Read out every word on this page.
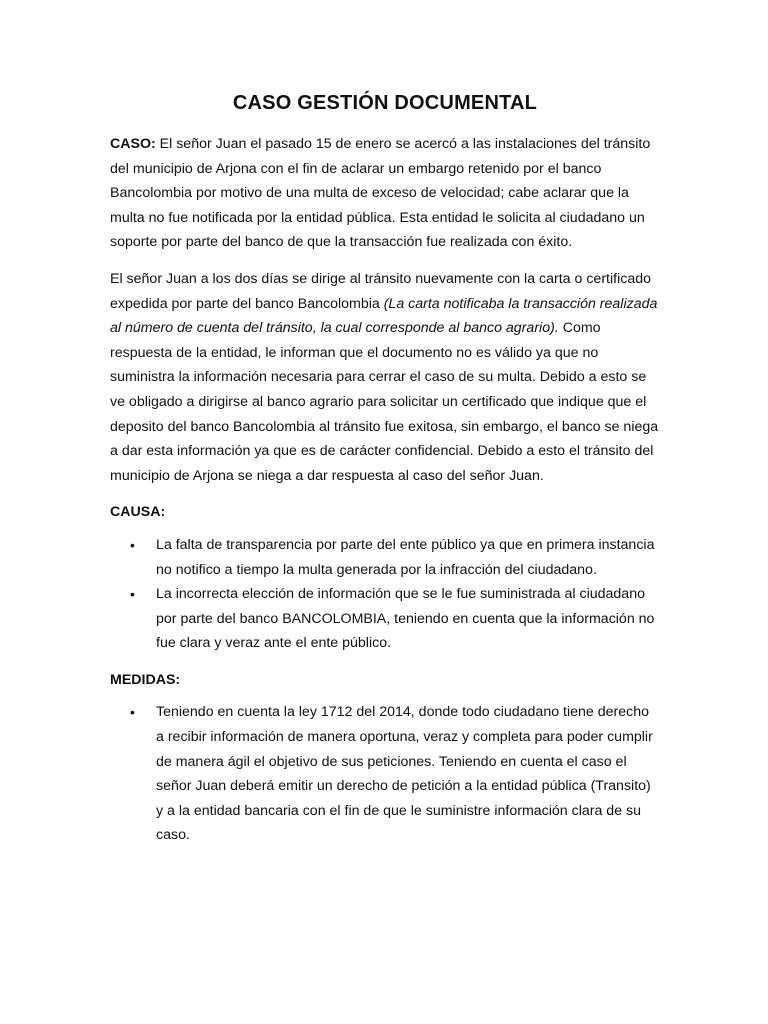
CASO GESTIÓN DOCUMENTAL

CASO: El señor Juan el pasado 15 de enero se acercó a las instalaciones del tránsito del municipio de Arjona con el fin de aclarar un embargo retenido por el banco Bancolombia por motivo de una multa de exceso de velocidad; cabe aclarar que la multa no fue notificada por la entidad pública. Esta entidad le solicita al ciudadano un soporte por parte del banco de que la transacción fue realizada con éxito.

El señor Juan a los dos días se dirige al tránsito nuevamente con la carta o certificado expedida por parte del banco Bancolombia (La carta notificaba la transacción realizada al número de cuenta del tránsito, la cual corresponde al banco agrario). Como respuesta de la entidad, le informan que el documento no es válido ya que no suministra la información necesaria para cerrar el caso de su multa. Debido a esto se ve obligado a dirigirse al banco agrario para solicitar un certificado que indique que el deposito del banco Bancolombia al tránsito fue exitosa, sin embargo, el banco se niega a dar esta información ya que es de carácter confidencial. Debido a esto el tránsito del municipio de Arjona se niega a dar respuesta al caso del señor Juan.

CAUSA:
• La falta de transparencia por parte del ente público ya que en primera instancia no notifico a tiempo la multa generada por la infracción del ciudadano.
• La incorrecta elección de información que se le fue suministrada al ciudadano por parte del banco BANCOLOMBIA, teniendo en cuenta que la información no fue clara y veraz ante el ente público.
MEDIDAS:
• Teniendo en cuenta la ley 1712 del 2014, donde todo ciudadano tiene derecho a recibir información de manera oportuna, veraz y completa para poder cumplir de manera ágil el objetivo de sus peticiones. Teniendo en cuenta el caso el señor Juan deberá emitir un derecho de petición a la entidad pública (Transito) y a la entidad bancaria con el fin de que le suministre información clara de su caso.
